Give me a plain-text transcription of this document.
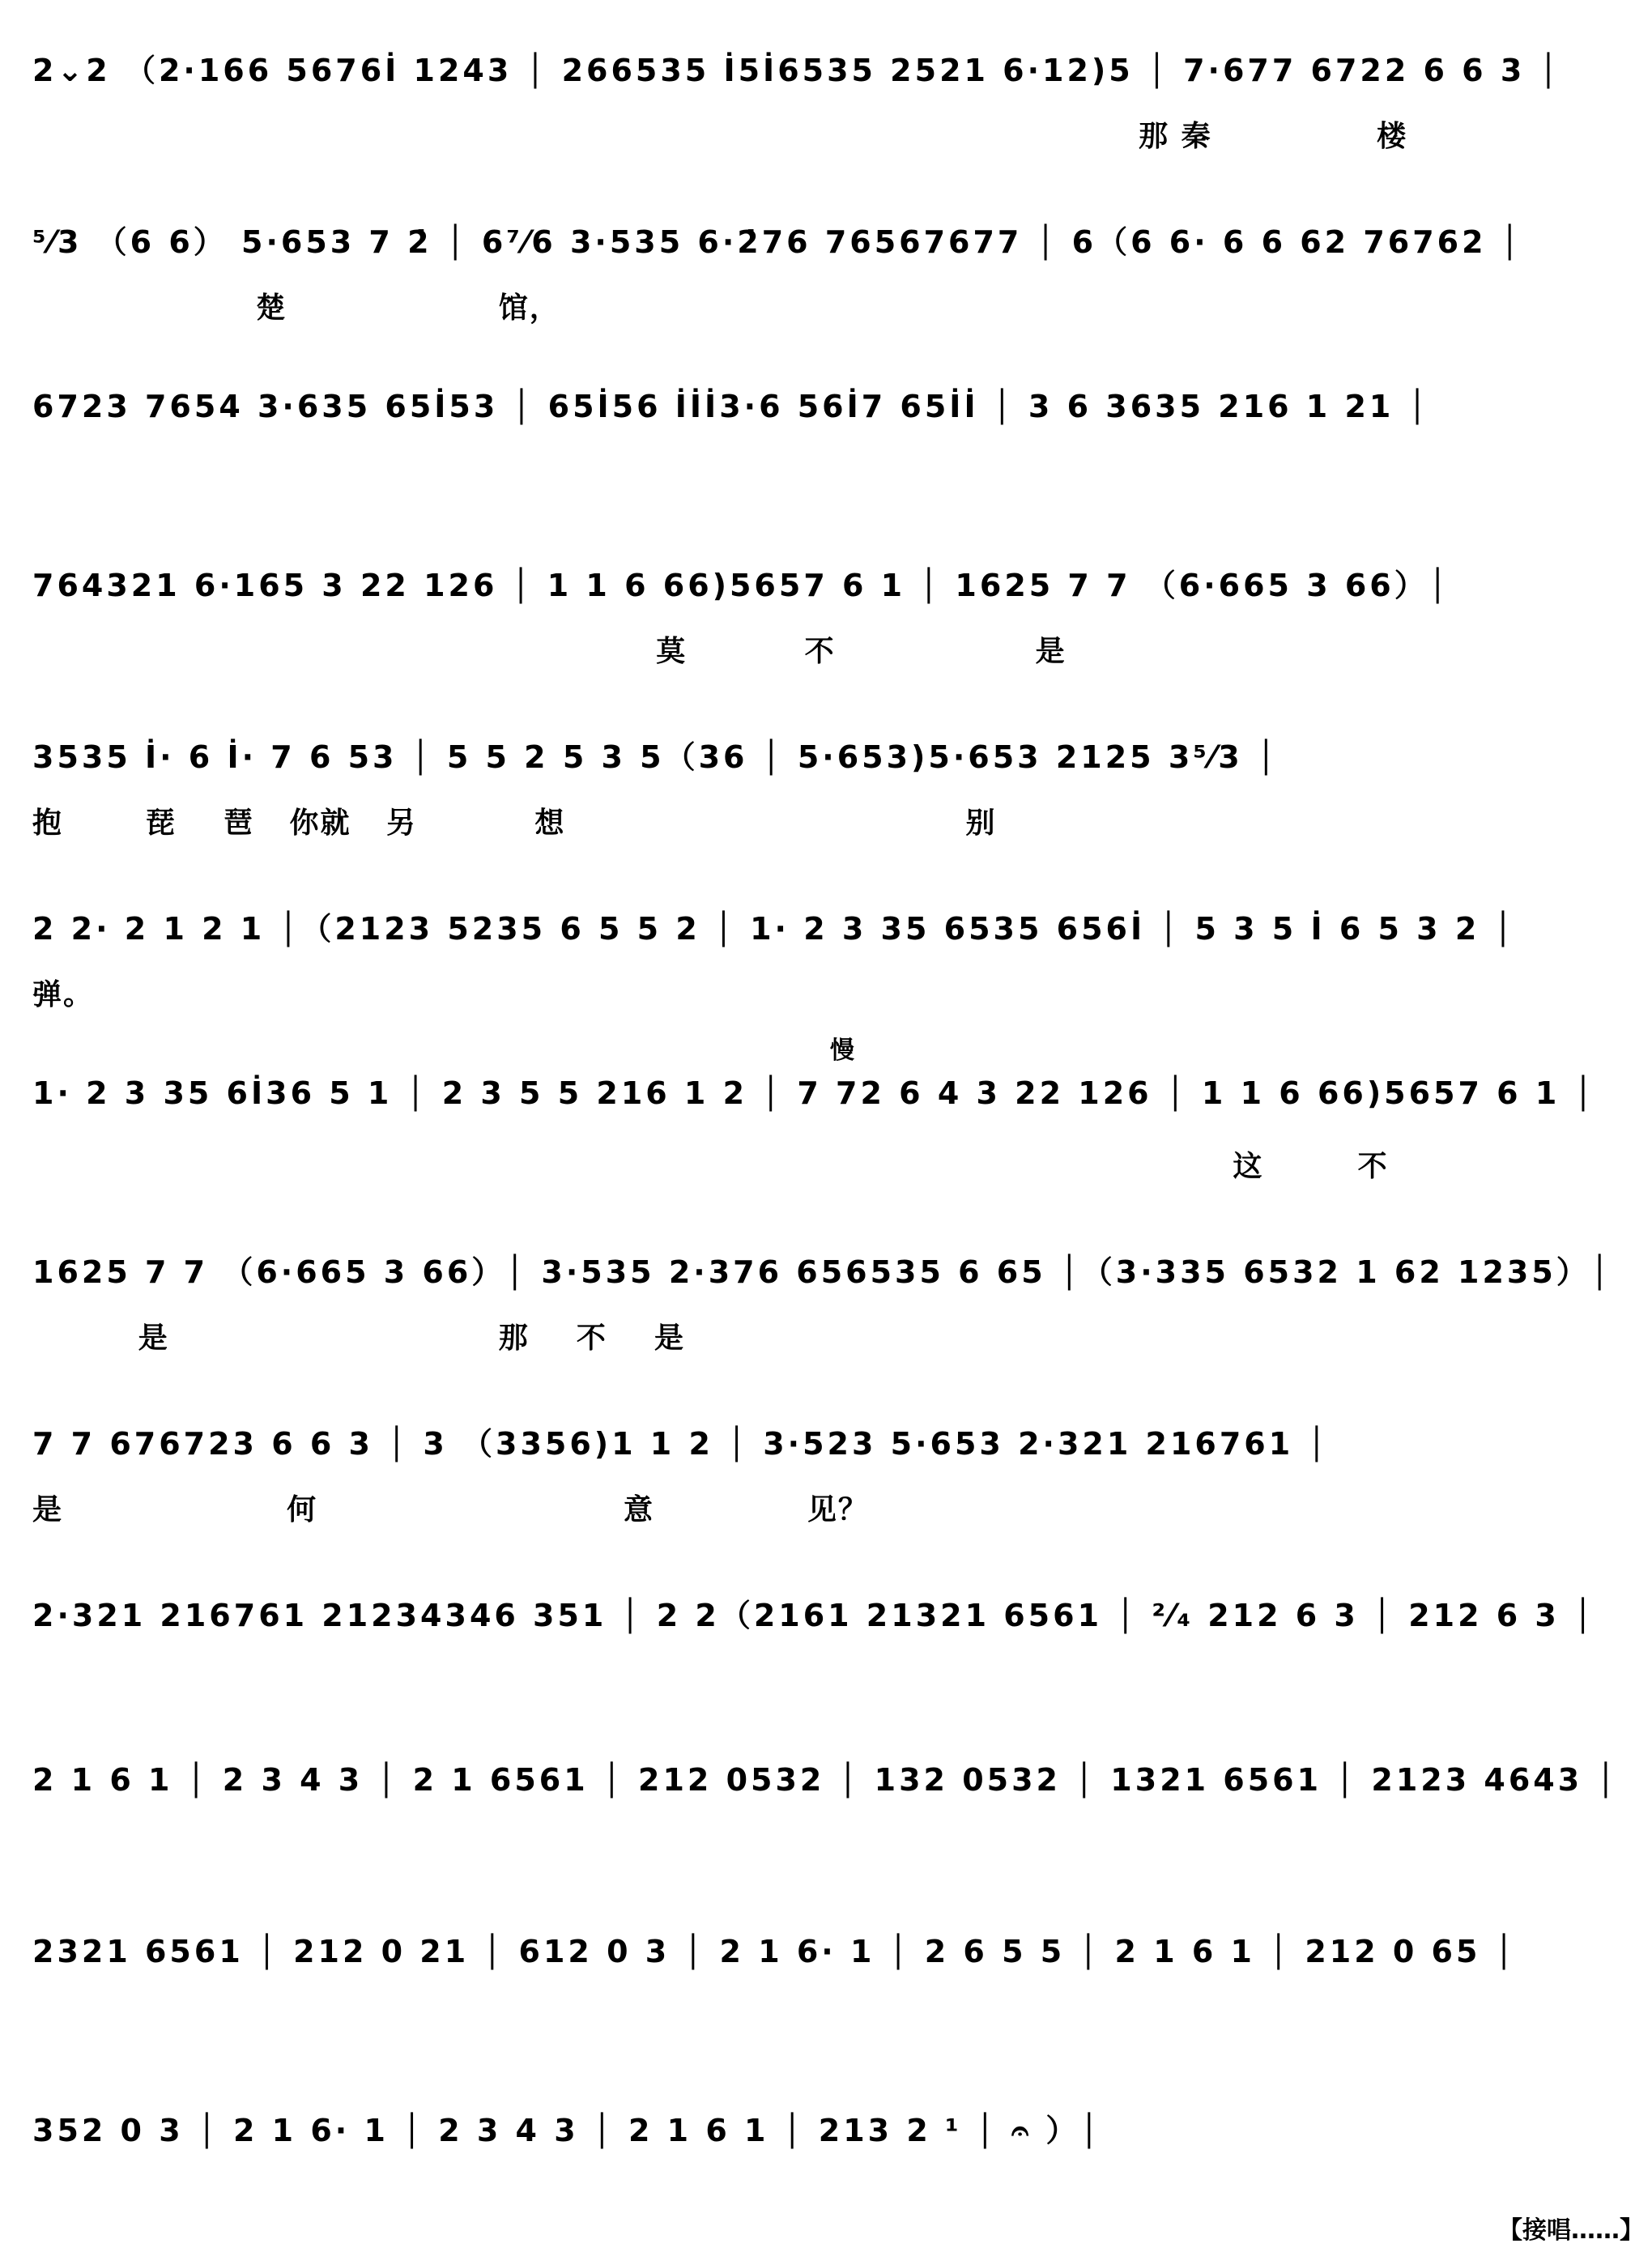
2⌄2 （2·166 5676İ 1243 │ 266535 İ5İ6535 2521 6·12)5 │ 7·677 6722 6 6 3 │
那 秦              楼
⁵⁄3 （6 6） 5·653 7 2̇ │ 6⁷⁄6 3·535 6·2̇76 76567677 │ 6（6 6· 6 6 62 76762 │
楚                  馆，
6723 7654 3·635 65İ53 │ 65İ56 İİİ3·6 56İ7 65İİ │ 3 6 3635 216 1 21 │
764321 6·165 3 22 126 │ 1 1 6 66)5657 6 1 │ 1625 7 7 （6·665 3 66）│
莫          不                 是
3535 İ· 6 İ· 7 6 53 │ 5 5 2 5 3 5（36 │ 5·653)5·653 2125 3⁵⁄3 │
抱       琵    琶   你就   另          想                                  别
2 2· 2 1 2 1 │（2123 5235 6 5 5 2 │ 1· 2 3 35 6535 656İ │ 5 3 5 İ 6 5 3 2 │
弹。
慢
1· 2 3 35 6İ36 5 1 │ 2 3 5 5 216 1 2 │ 7 72 6 4 3 22 126 │ 1 1 6 66)5657 6 1 │
这        不
1625 7 7 （6·665 3 66）│ 3·535 2·376 656535 6 65 │（3·335 6532 1 62 1235）│
是                            那    不    是
7 7 676723 6 6 3 │ 3 （3356)1 1 2 │ 3·523 5·653 2·321 216761 │
是                   何                          意             见？
2·321 216761 21234346 351 │ 2 2（2161 21321 6561 │ ²⁄₄ 212 6 3 │ 212 6 3 │
2 1 6 1 │ 2 3 4 3 │ 2 1 6561 │ 212 0532 │ 132 0532 │ 1321 6561 │ 2123 4643 │
2321 6561 │ 212 0 21 │ 612 0 3 │ 2 1 6· 1 │ 2 6 5 5 │ 2 1 6 1 │ 212 0 65 │
352 0 3 │ 2 1 6· 1 │ 2 3 4 3 │ 2 1 6 1 │ 213 2 ¹ │ 𝄐 ）│
【接唱……】
